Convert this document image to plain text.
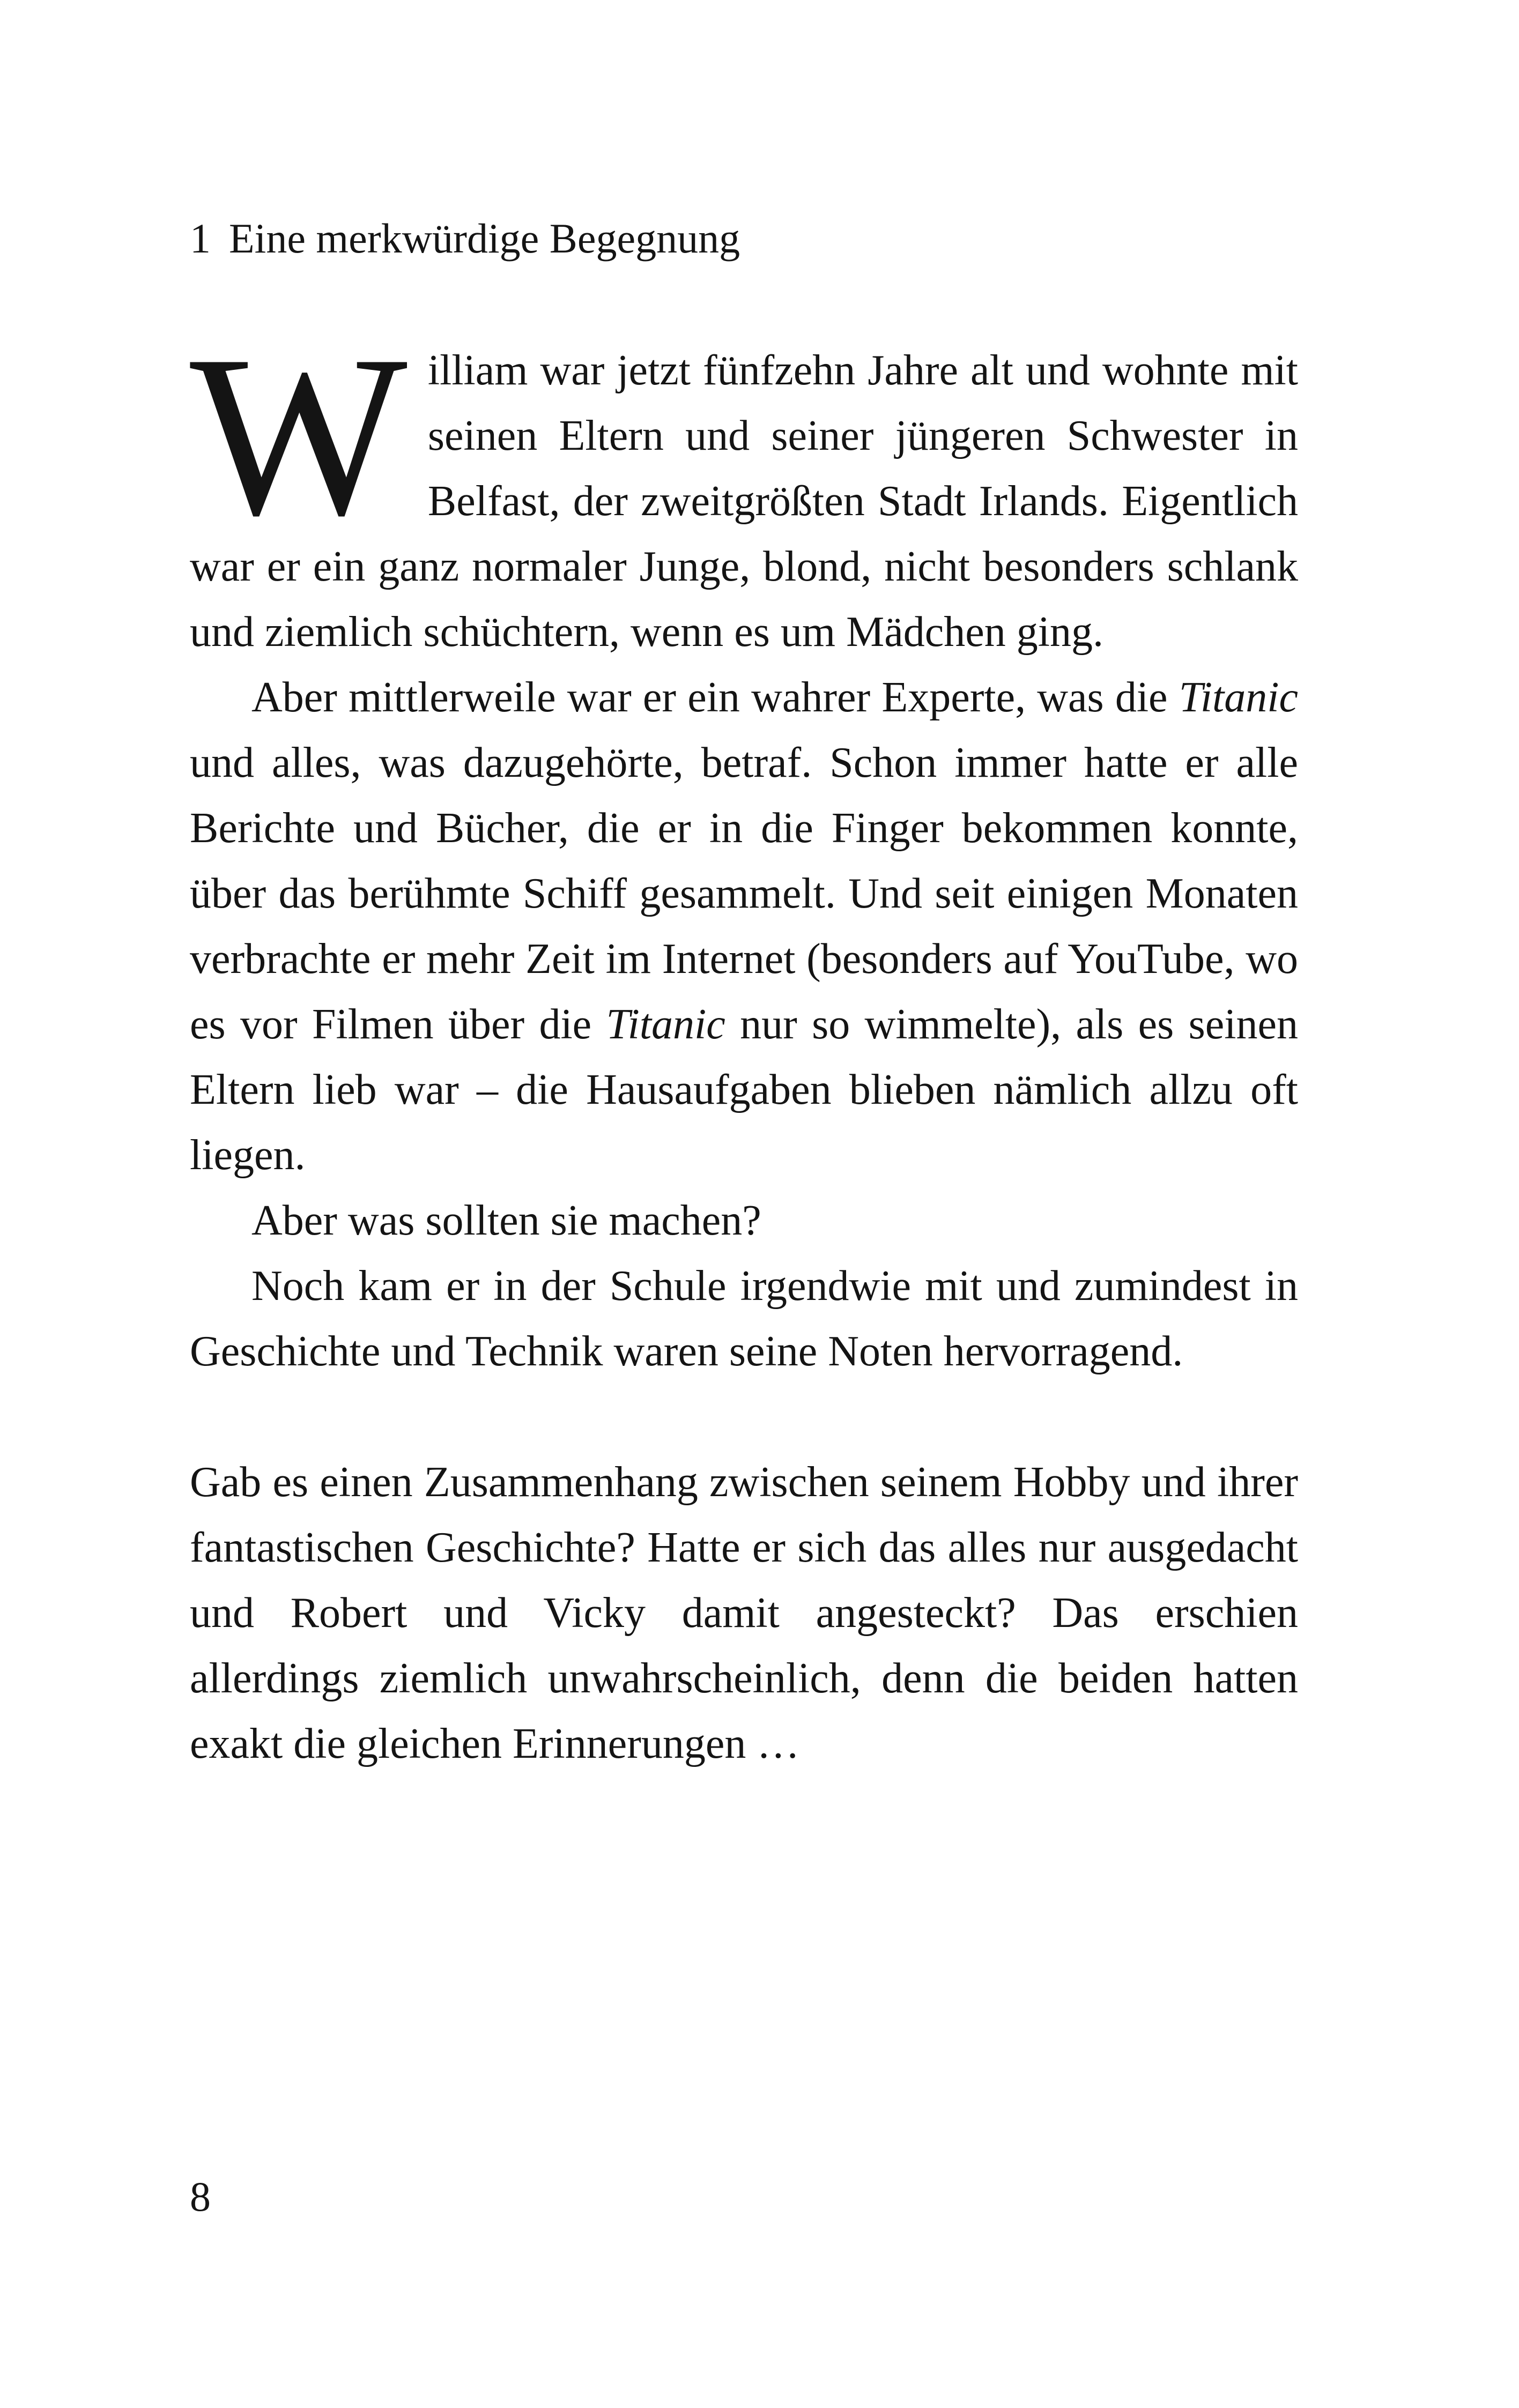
1 Eine merkwürdige Begegnung

William war jetzt fünfzehn Jahre alt und wohnte mit seinen Eltern und seiner jüngeren Schwester in Belfast, der zweitgrößten Stadt Irlands. Eigentlich war er ein ganz normaler Junge, blond, nicht besonders schlank und ziemlich schüchtern, wenn es um Mädchen ging.

Aber mittlerweile war er ein wahrer Experte, was die Titanic und alles, was dazugehörte, betraf. Schon immer hatte er alle Berichte und Bücher, die er in die Finger bekommen konnte, über das berühmte Schiff gesammelt. Und seit einigen Monaten verbrachte er mehr Zeit im Internet (besonders auf YouTube, wo es vor Filmen über die Titanic nur so wimmelte), als es seinen Eltern lieb war – die Hausaufgaben blieben nämlich allzu oft liegen.

Aber was sollten sie machen?

Noch kam er in der Schule irgendwie mit und zumindest in Geschichte und Technik waren seine Noten hervorragend.

Gab es einen Zusammenhang zwischen seinem Hobby und ihrer fantastischen Geschichte? Hatte er sich das alles nur ausgedacht und Robert und Vicky damit angesteckt? Das erschien allerdings ziemlich unwahrscheinlich, denn die beiden hatten exakt die gleichen Erinnerungen …

8
